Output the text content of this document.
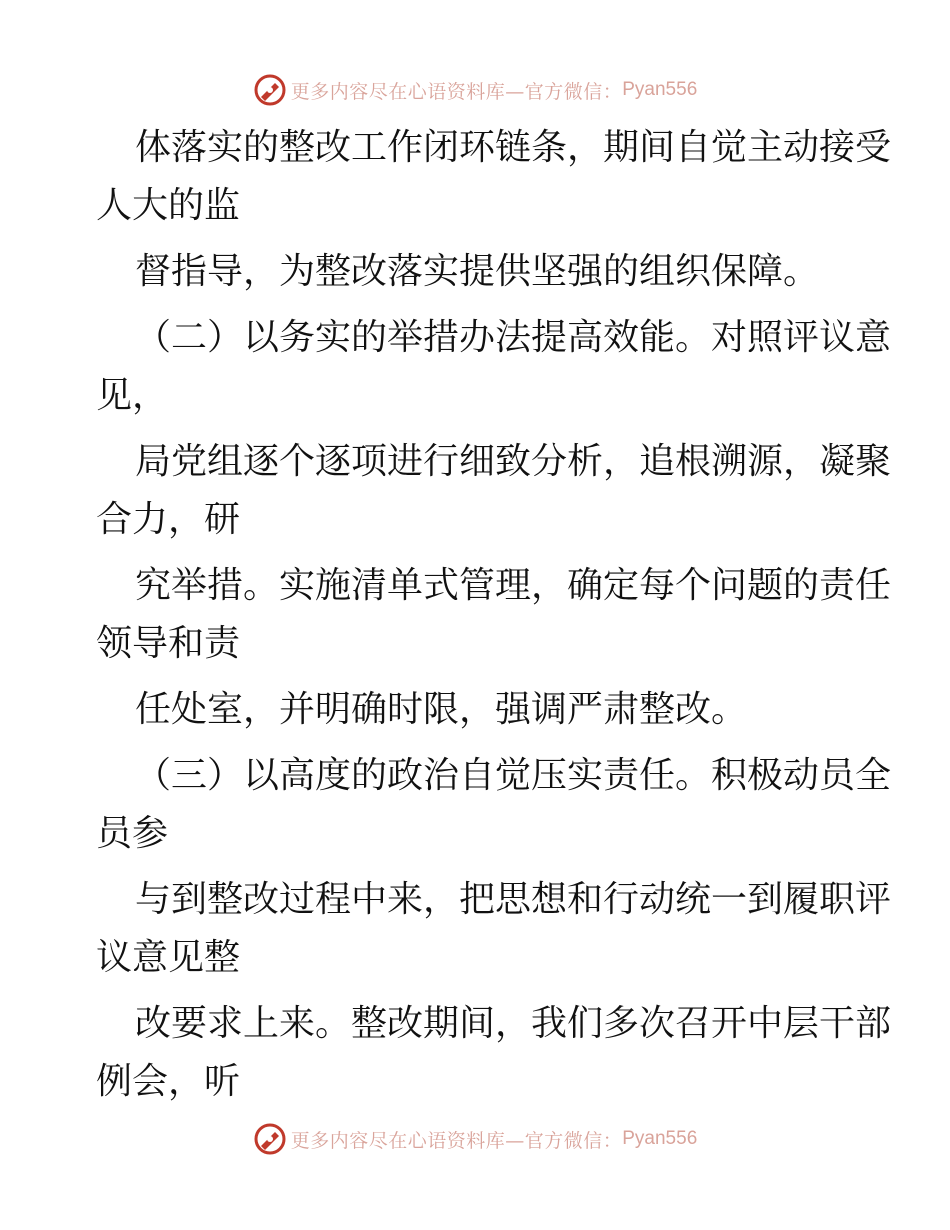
更多内容尽在心语资料库—官方微信： Pyan556

体落实的整改工作闭环链条，期间自觉主动接受

人大的监

督指导，为整改落实提供坚强的组织保障。

（二）以务实的举措办法提高效能。对照评议意

见，

局党组逐个逐项进行细致分析，追根溯源，凝聚

合力，研

究举措。实施清单式管理，确定每个问题的责任

领导和责

任处室，并明确时限，强调严肃整改。

（三）以高度的政治自觉压实责任。积极动员全

员参

与到整改过程中来，把思想和行动统一到履职评

议意见整

改要求上来。整改期间，我们多次召开中层干部

例会，听

更多内容尽在心语资料库—官方微信： Pyan556
